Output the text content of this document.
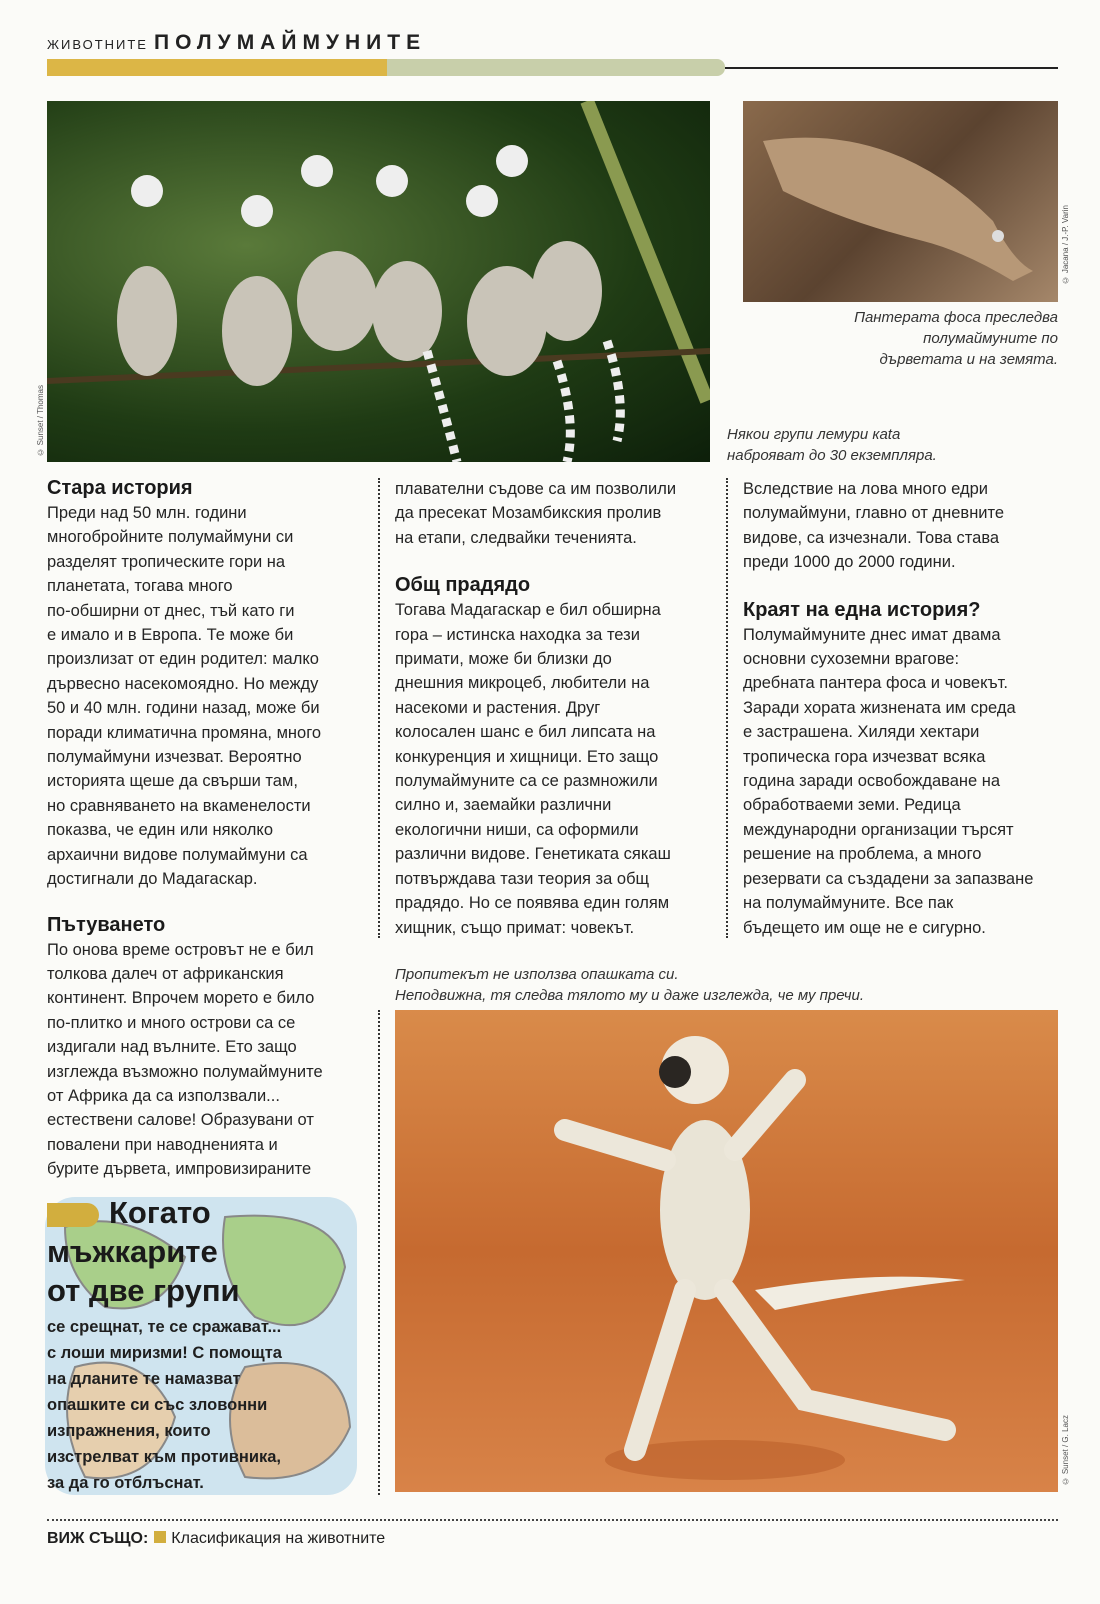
ЖИВОТНИТЕ ПОЛУМАЙМУНИТЕ
© Sunset / Thomas
© Jacana / J.-P. Varin
Пантерата фоса преследва
полумаймуните по
дърветата и на земята.
Някои групи лемури кata
наброяват до 30 екземпляра.
Стара история
Преди над 50 млн. години
многобройните полумаймуни си
разделят тропическите гори на
планетата, тогава много
по-обширни от днес, тъй като ги
е имало и в Европа. Те може би
произлизат от един родител: малко
дървесно насекомоядно. Но между
50 и 40 млн. години назад, може би
поради климатична промяна, много
полумаймуни изчезват. Вероятно
историята щеше да свърши там,
но сравняването на вкаменелости
показва, че един или няколко
архаични видове полумаймуни са
достигнали до Мадагаскар.
Пътуването
По онова време островът не е бил
толкова далеч от африканския
континент. Впрочем морето е било
по-плитко и много острови са се
издигали над вълните. Ето защо
изглежда възможно полумаймуните
от Африка да са използвали...
естествени салове! Образувани от
повалени при наводненията и
бурите дървета, импровизираните
плавателни съдове са им позволили
да пресекат Мозамбикския пролив
на етапи, следвайки теченията.
Общ прадядо
Тогава Мадагаскар е бил обширна
гора – истинска находка за тези
примати, може би близки до
днешния микроцеб, любители на
насекоми и растения. Друг
колосален шанс е бил липсата на
конкуренция и хищници. Ето защо
полумаймуните са се размножили
силно и, заемайки различни
екологични ниши, са оформили
различни видове. Генетиката сякаш
потвърждава тази теория за общ
прадядо. Но се появява един голям
хищник, също примат: човекът.
Вследствие на лова много едри
полумаймуни, главно от дневните
видове, са изчезнали. Това става
преди 1000 до 2000 години.
Краят на една история?
Полумаймуните днес имат двама
основни сухоземни врагове:
дребната пантера фоса и човекът.
Заради хората жизнената им среда
е застрашена. Хиляди хектари
тропическа гора изчезват всяка
година заради освобождаване на
обработваеми земи. Редица
международни организации търсят
решение на проблема, а много
резервати са създадени за запазване
на полумаймуните. Все пак
бъдещето им още не е сигурно.
Пропитекът не използва опашката си.
Неподвижна, тя следва тялото му и даже изглежда, че му пречи.
© Sunset / G. Lacz
Когато
мъжкарите
от две групи
се срещнат, те се сражават...
с лоши миризми! С помощта
на дланите те намазват
опашките си със зловонни
изпражнения, които
изстрелват към противника,
за да го отблъснат.
ВИЖ СЪЩО: Класификация на животните
